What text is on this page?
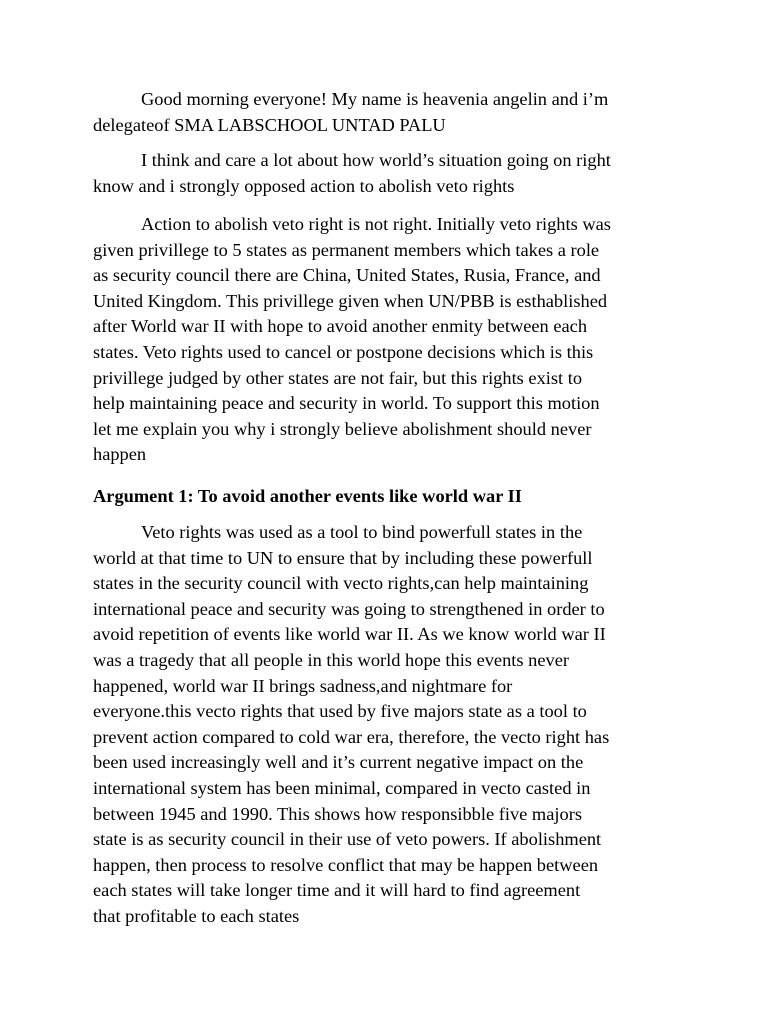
Good morning everyone! My name is heavenia angelin and i’m
delegateof SMA LABSCHOOL UNTAD PALU

I think and care a lot about how world’s situation going on right
know and i strongly opposed action to abolish veto rights

Action to abolish veto right is not right. Initially veto rights was
given privillege to 5 states as permanent members which takes a role
as security council there are China, United States, Rusia, France, and
United Kingdom. This privillege given when UN/PBB is esthablished
after World war II with hope to avoid another enmity between each
states. Veto rights used to cancel or postpone decisions which is this
privillege judged by other states are not fair, but this rights exist to
help maintaining peace and security in world. To support this motion
let me explain you why i strongly believe abolishment should never
happen

Argument 1: To avoid another events like world war II

Veto rights was used as a tool to bind powerfull states in the
world at that time to UN to ensure that by including these powerfull
states in the security council with vecto rights,can help maintaining
international peace and security was going to strengthened in order to
avoid repetition of events like world war II. As we know world war II
was a tragedy that all people in this world hope this events never
happened, world war II brings sadness,and nightmare for
everyone.this vecto rights that used by five majors state as a tool to
prevent action compared to cold war era, therefore, the vecto right has
been used increasingly well and it’s current negative impact on the
international system has been minimal, compared in vecto casted in
between 1945 and 1990. This shows how responsibble five majors
state is as security council in their use of veto powers. If abolishment
happen, then process to resolve conflict that may be happen between
each states will take longer time and it will hard to find agreement
that profitable to each states
